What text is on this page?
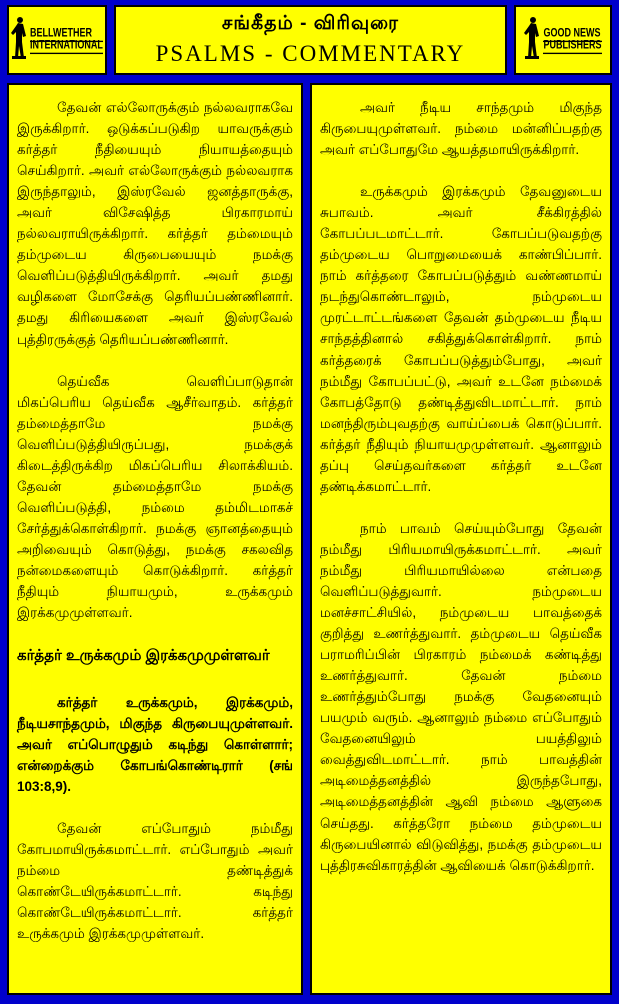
BELLWETHER
INTERNATIONAL
சங்கீதம் - விரிவுரை
PSALMS - COMMENTARY
GOOD NEWS
PUBLISHERS

தேவன் எல்லோருக்கும் நல்லவராகவே இருக்கிறார். ஒடுக்கப்படுகிற யாவருக்கும் கர்த்தர் நீதியையும் நியாயத்தையும் செய்கிறார். அவர் எல்லோருக்கும் நல்லவராக இருந்தாலும், இஸ்ரவேல் ஜனத்தாருக்கு, அவர் விசேஷித்த பிரகாரமாய் நல்லவராயிருக்கிறார். கர்த்தர் தம்மையும் தம்முடைய கிருபையையும் நமக்கு வெளிப்படுத்தியிருக்கிறார். அவர் தமது வழிகளை மோசேக்கு தெரியப்பண்ணினார். தமது கிரியைகளை அவர் இஸ்ரவேல் புத்திரருக்குத் தெரியப்பண்ணினார்.

தெய்வீக வெளிப்பாடுதான் மிகப்பெரிய தெய்வீக ஆசீர்வாதம். கர்த்தர் தம்மைத்தாமே நமக்கு வெளிப்படுத்தியிருப்பது, நமக்குக் கிடைத்திருக்கிற மிகப்பெரிய சிலாக்கியம். தேவன் தம்மைத்தாமே நமக்கு வெளிப்படுத்தி, நம்மை தம்மிடமாகச் சேர்த்துக்கொள்கிறார். நமக்கு ஞானத்தையும் அறிவையும் கொடுத்து, நமக்கு சகலவித நன்மைகளையும் கொடுக்கிறார். கர்த்தர் நீதியும் நியாயமும், உருக்கமும் இரக்கமுமுள்ளவர்.

கர்த்தர் உருக்கமும் இரக்கமுமுள்ளவர்

கர்த்தர் உருக்கமும், இரக்கமும், நீடியசாந்தமும், மிகுந்த கிருபையுமுள்ளவர். அவர் எப்பொழுதும் கடிந்து கொள்ளார்; என்றைக்கும் கோபங்கொண்டிரார் (சங் 103:8,9).

தேவன் எப்போதும் நம்மீது கோபமாயிருக்கமாட்டார். எப்போதும் அவர் நம்மை தண்டித்துக் கொண்டேயிருக்கமாட்டார். கடிந்து கொண்டேயிருக்கமாட்டார். கர்த்தர் உருக்கமும் இரக்கமுமுள்ளவர்.

அவர் நீடிய சாந்தமும் மிகுந்த கிருபையுமுள்ளவர். நம்மை மன்னிப்பதற்கு அவர் எப்போதுமே ஆயத்தமாயிருக்கிறார்.

உருக்கமும் இரக்கமும் தேவனுடைய சுபாவம். அவர் சீக்கிரத்தில் கோபப்படமாட்டார். கோபப்படுவதற்கு தம்முடைய பொறுமையைக் காண்பிப்பார். நாம் கர்த்தரை கோபப்படுத்தும் வண்ணமாய் நடந்துகொண்டாலும், நம்முடைய முரட்டாட்டங்களை தேவன் தம்முடைய நீடிய சாந்தத்தினால் சகித்துக்கொள்கிறார். நாம் கர்த்தரைக் கோபப்படுத்தும்போது, அவர் நம்மீது கோபப்பட்டு, அவர் உடனே நம்மைக் கோபத்தோடு தண்டித்துவிடமாட்டார். நாம் மனந்திரும்புவதற்கு வாய்ப்பைக் கொடுப்பார். கர்த்தர் நீதியும் நியாயமுமுள்ளவர். ஆனாலும் தப்பு செய்தவர்களை கர்த்தர் உடனே தண்டிக்கமாட்டார்.

நாம் பாவம் செய்யும்போது தேவன் நம்மீது பிரியமாயிருக்கமாட்டார். அவர் நம்மீது பிரியமாயில்லை என்பதை வெளிப்படுத்துவார். நம்முடைய மனச்சாட்சியில், நம்முடைய பாவத்தைக் குறித்து உணர்த்துவார். தம்முடைய தெய்வீக பராமரிப்பின் பிரகாரம் நம்மைக் கண்டித்து உணர்த்துவார். தேவன் நம்மை உணர்த்தும்போது நமக்கு வேதனையும் பயமும் வரும். ஆனாலும் நம்மை எப்போதும் வேதனையிலும் பயத்திலும் வைத்துவிடமாட்டார். நாம் பாவத்தின் அடிமைத்தனத்தில் இருந்தபோது, அடிமைத்தனத்தின் ஆவி நம்மை ஆளுகை செய்தது. கர்த்தரோ நம்மை தம்முடைய கிருபையினால் விடுவித்து, நமக்கு தம்முடைய புத்திரசுவிகாரத்தின் ஆவியைக் கொடுக்கிறார்.
